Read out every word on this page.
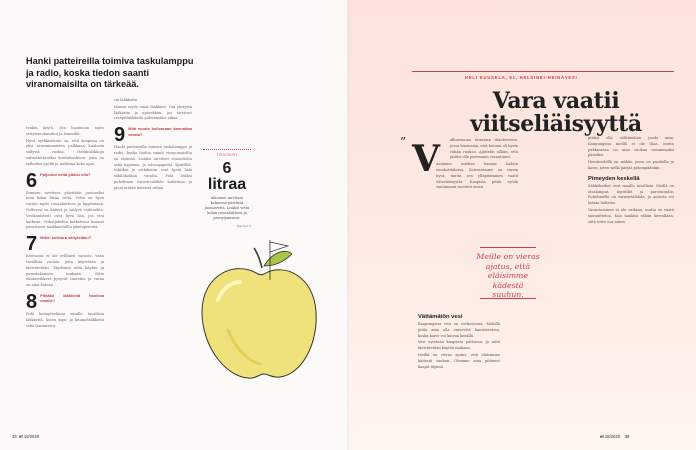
Hanki patteireilla toimiva taskulamppu ja radio, koska tiedon saanti viranomaisilta on tärkeää.

tenkin käytä. Ota huomioon myös erityisruokavaliot ja lemmikit.

Hyvä nyrkkisääntö on, että kaapissa on yksi aravammaisten palkkaan kuuluvia säilyviä ruokia. Herkkulukkoja valmistettavaksi kotitaloudessa, joita on tarkoitus syödä ja uudistaa koko ajan.

6 Paljonko vettä pitäisi olla?

Ihmisen tarvitsee päivittäin juotavaksi noin kaksi litraa vettä. Vettä on hyvä varata myös ruuanlaittoon ja hygieniaan. Pullovesi on kätevä ja säilyvä vaihtoehto. Vesikanisterit ovat hyvä lisä, jos vesi katkeaa. Vedenjakelun katketessa kunnat perustavat tankkiautoilla jakelupisteitä.

7 Miten kotivara säilytetään?

Kotivaraa ei ole erillinen varasto, vaan tavallisia ruokia, joita käytetään ja kierrätetään. Täydennä niitä käytön ja paraslukemien mukaan. Näin elintarvikkeet pysyvät tuoreina ja varaa on aina kotona.

8 Pitääkö lääkkeitä hankkia varalle?

Pidä kotiapteekissa varalla tavallisia lääkkeitä, kuten kipu- ja kuumelääkkeitä sekä laastareita.

sia lääkkeitä.

Muista myös omat lääkkeet. Ota yhteyttä lääkäriin ja apteekkiin, jos tarvitset reseptilääkkeitä pidemmäksi aikaa.

9 Mitä muuta kotivaraan kannattaa varata?

Hanki patteireilla toimiva taskulamppu ja radio, koska tiedon saanti viranomaisilta on tärkeää. Lisäksi tarvitset vesiastioita sekä hygienia- ja talouspaperia. Kynttilät, tulitikut ja retkikeitin ovat hyviä lisiä sähkökatkon varalta. Pidä lisäksi puhelimen varavirtalähde ladattuna ja pieni määrä käteistä rahaa.

TIESITKÖ?
6 litraa
Aikuinen tarvitsee kolmessa päivässä juomavettä. Lisäksi vettä kuluu ruuanlaittoon ja peseytymiseen.
marttat.fi
38 et 18/2020
HELI KUUSELA, 61, HELSINKI-HEINÄVESI
Vara vaatii viitseliäisyyttä
” V	alkuvuonna törmäsin tilanteeseen, jossa huomasin, että kotona oli hyvin vähän ruokaa. Ajattelin silloin, että pitäisi olla paremmin varautunut.

Asumme miehen kanssa kaksin omakotitalossa. Kotivaramme on varsin hyvä, mutta sen ylläpitäminen vaatii viitseliäisyyttä. Kaapista pitää syödä vanhimmat tuotteet ensin.

Meille on vieras ajatus, että eläisimme kädestä suuhun.
Vättämätön vesi

Kaupungissa vesi on verkostossa. Mökillä pitää aina olla varavettä kanistereissa, koska kaivo voi kuivua kesällä.

Vesi ostetaan kaupasta pulloissa, ja niitä kierrätetään käytön mukaan.

Meillä on vieras ajatus, että eläisimme kädestä suuhun. Olemme aina pitäneet kaapit täynnä.

pitäisi olla välttämätön juoda aina. Kaupungissa meillä ei ole tilaa, mutta pakkasessa on aina ruokaa useammaksi päiväksi.

Heinävedellä on mökki, jossa on puuhella ja kaivo, joten siellä pärjää pidempäänkin.

Pimeyden keskellä

Sähkökatkot ovat maalla tavallisia. Meillä on otsalamput, kynttilät ja paristoradio. Puhelimelle on varavirtalähde, ja autosta voi ladata laitteita.

Varautuminen ei ole vaikeaa, mutta se vaatii suunnittelua. Kun hankkii vähän kerrallaan, siitä tulee osa arkea.

et 18/2020 39
